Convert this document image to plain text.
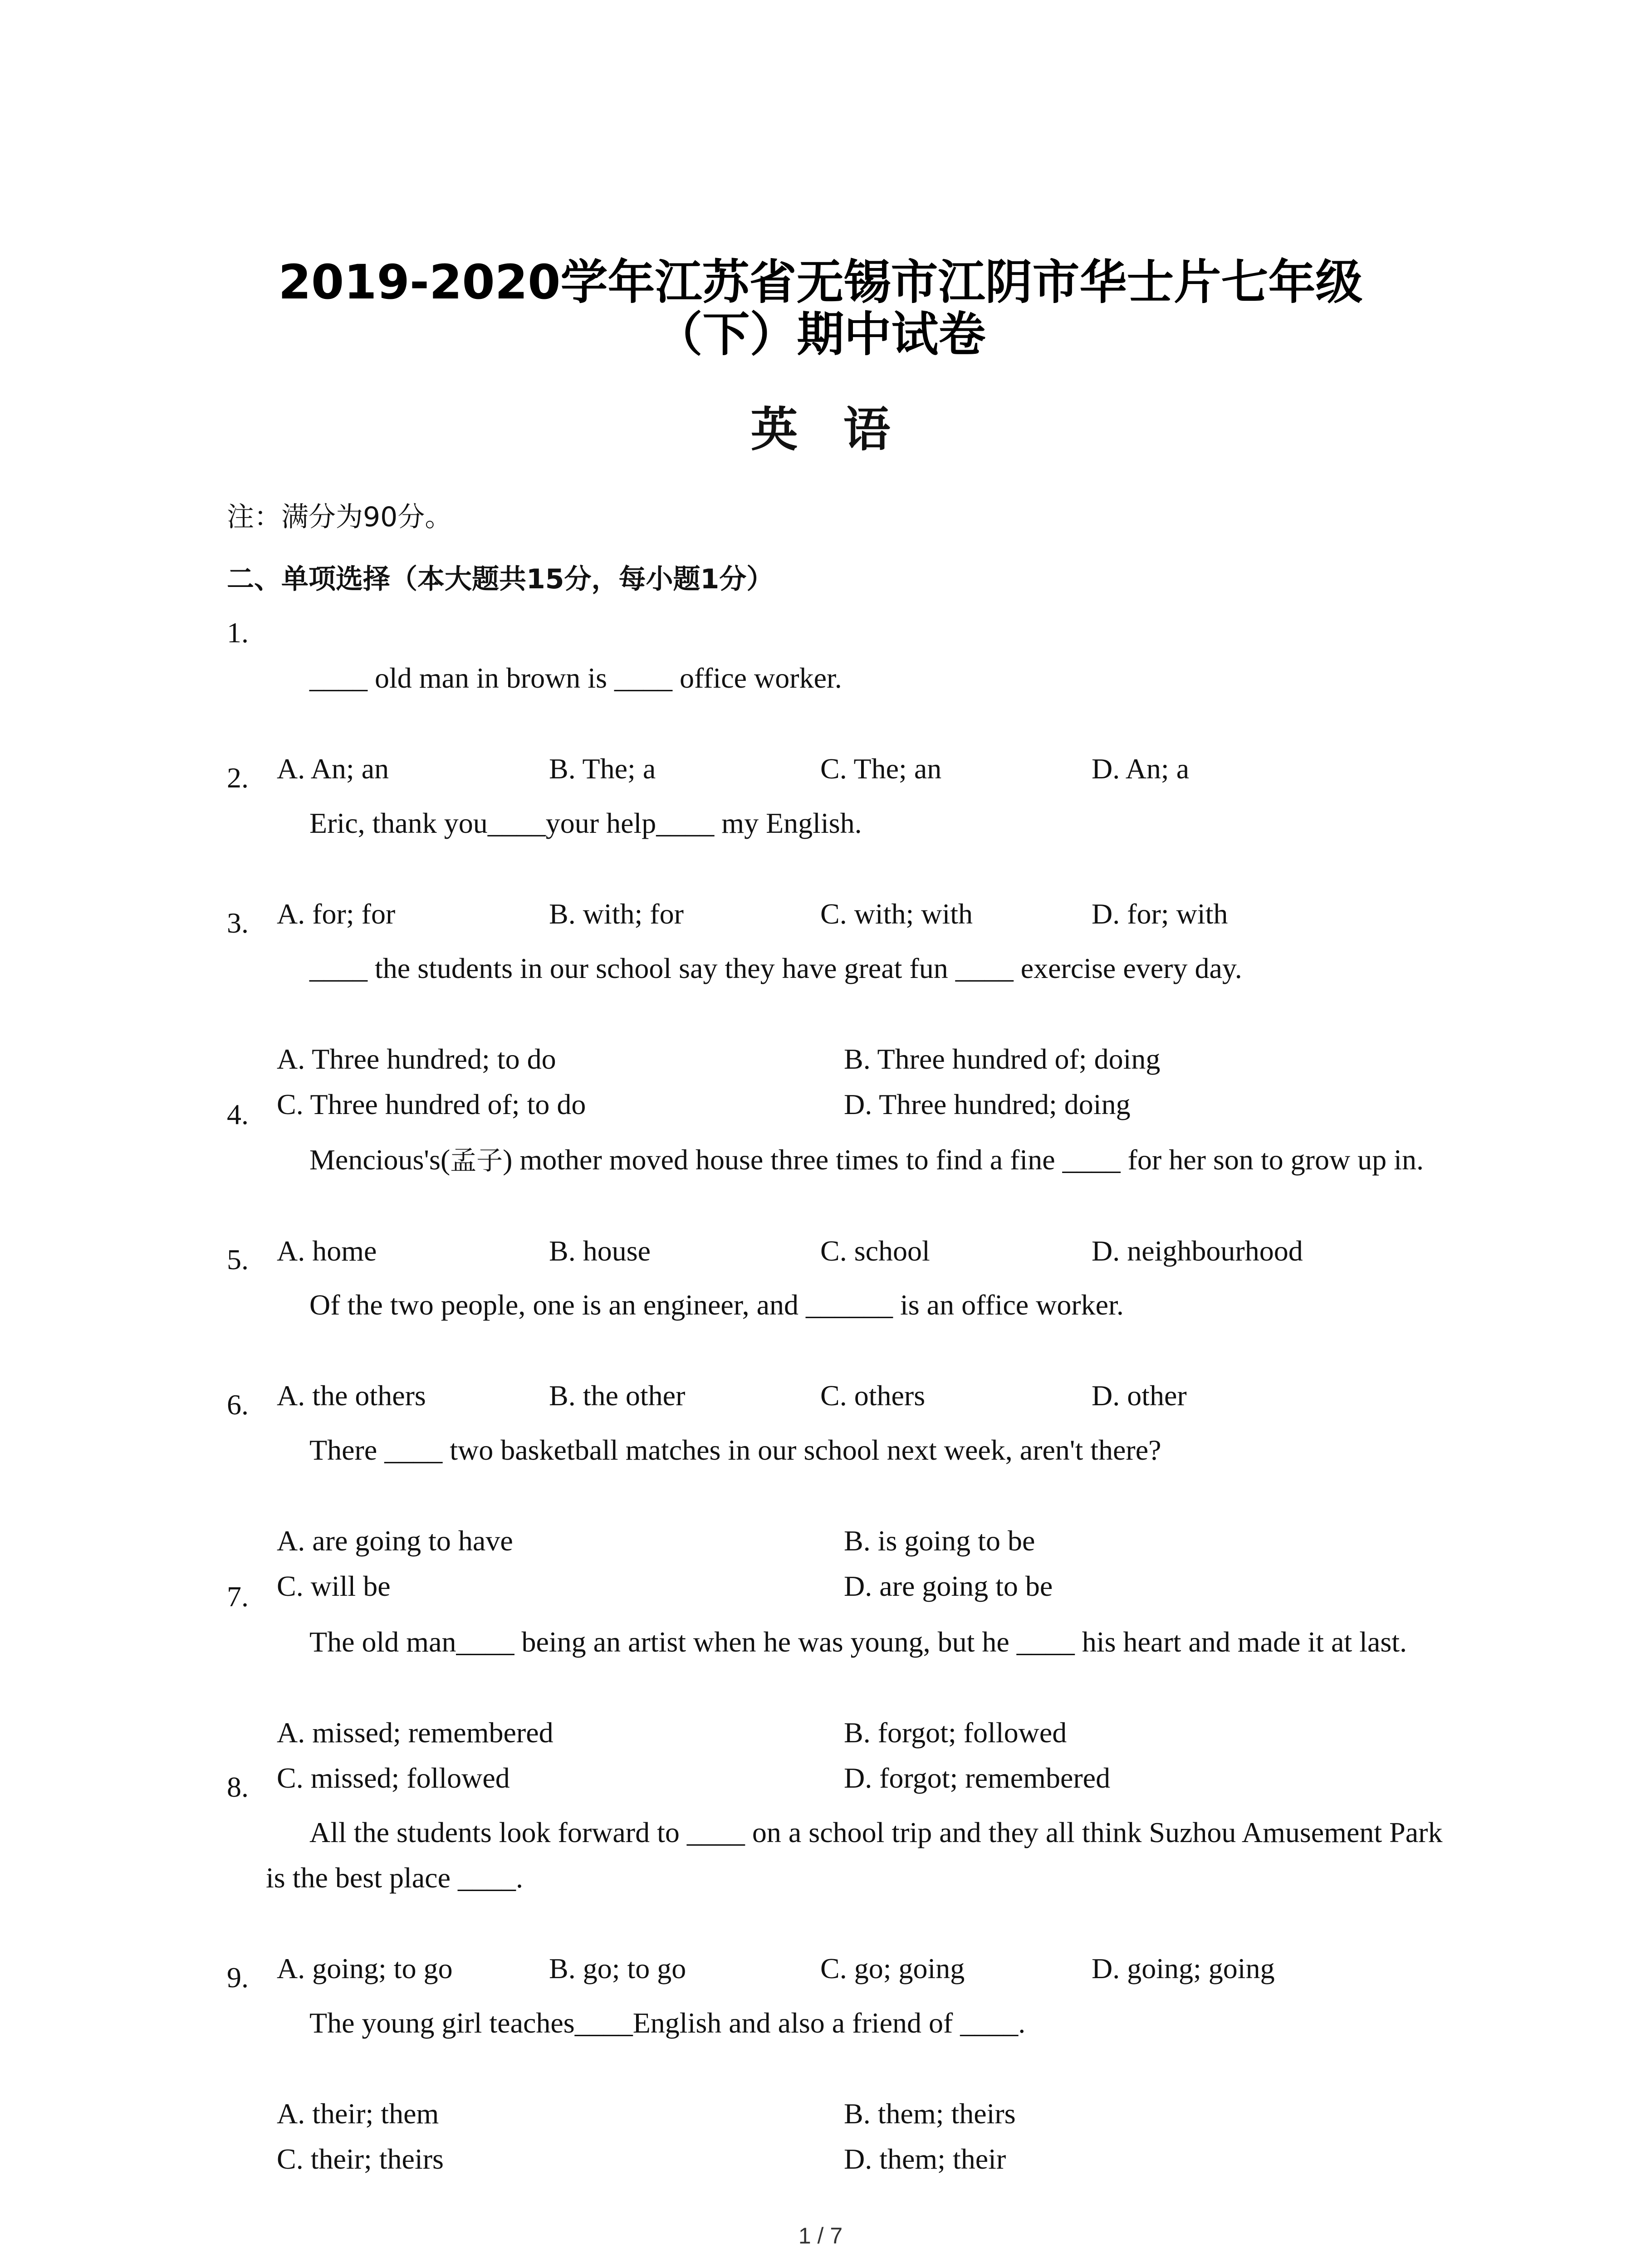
2019-2020学年江苏省无锡市江阴市华士片七年级
（下）期中试卷
英语
注：满分为90分。
二、单项选择（本大题共15分，每小题1分）

1.
____ old man in brown is ____ office worker.

A. An; an	B. The; a	C. The; an	D. An; a

2.
Eric, thank you____your help____ my English.

A. for; for	B. with; for	C. with; with	D. for; with

3.
____ the students in our school say they have great fun ____ exercise every day.

A. Three hundred; to do	B. Three hundred of; doing
C. Three hundred of; to do	D. Three hundred; doing

4.
Mencious's(孟子) mother moved house three times to find a fine ____ for her son to grow up in.

A. home	B. house	C. school	D. neighbourhood

5.
Of the two people, one is an engineer, and ______ is an office worker.

A. the others	B. the other	C. others	D. other

6.
There ____ two basketball matches in our school next week, aren't there?

A. are going to have	B. is going to be
C. will be	D. are going to be

7.
The old man____ being an artist when he was young, but he ____ his heart and made it at last.

A. missed; remembered	B. forgot; followed
C. missed; followed	D. forgot; remembered

8.
All the students look forward to ____ on a school trip and they all think Suzhou Amusement Park is the best place ____.

A. going; to go	B. go; to go	C. go; going	D. going; going

9.
The young girl teaches____English and also a friend of ____.

A. their; them	B. them; theirs
C. their; theirs	D. them; their
1 / 7
